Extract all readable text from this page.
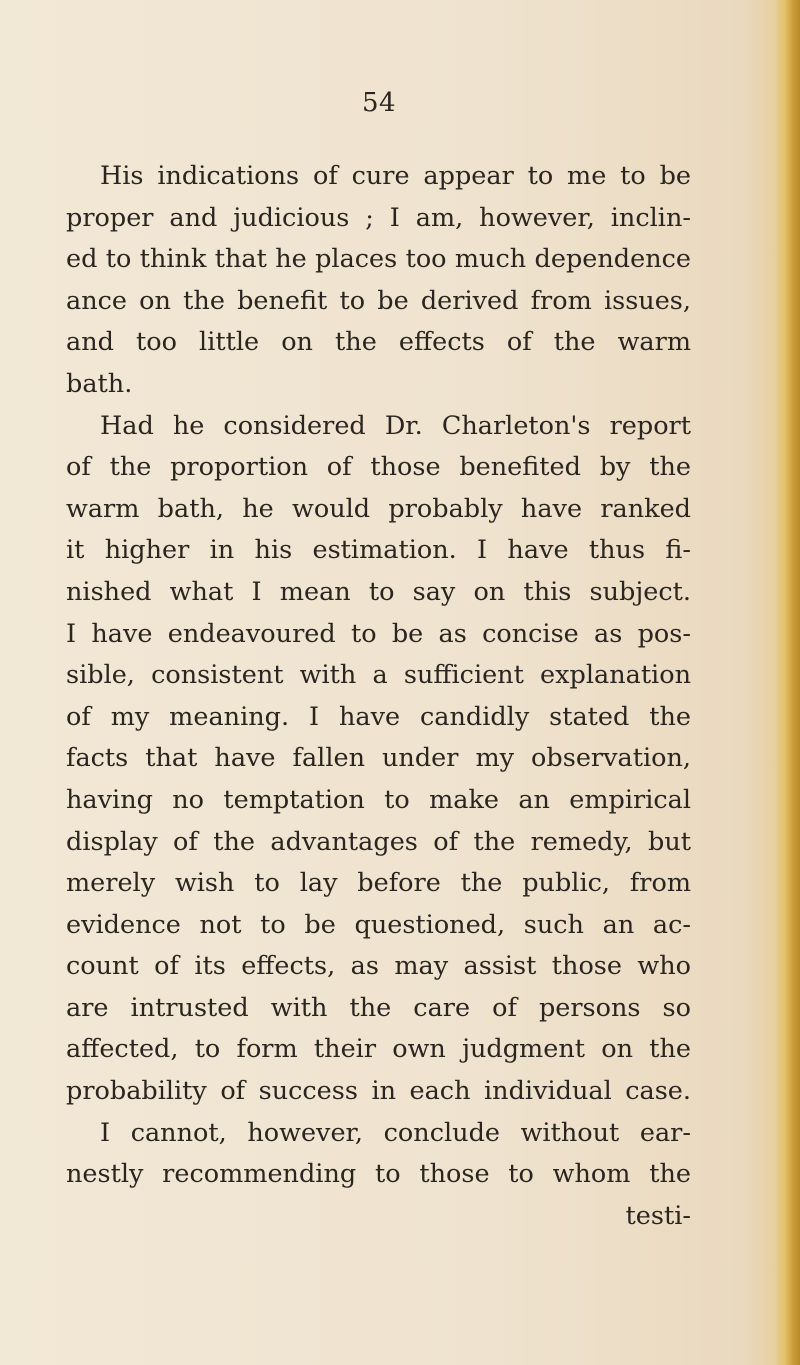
54
His indications of cure appear to me to be
proper and judicious ; I am, however, inclin-
ed to think that he places too much dependence
ance on the benefit to be derived from issues,
and too little on the effects of the warm
bath.
Had he considered Dr. Charleton's report
of the proportion of those benefited by the
warm bath, he would probably have ranked
it higher in his estimation. I have thus fi-
nished what I mean to say on this subject.
I have endeavoured to be as concise as pos-
sible, consistent with a sufficient explanation
of my meaning. I have candidly stated the
facts that have fallen under my observation,
having no temptation to make an empirical
display of the advantages of the remedy, but
merely wish to lay before the public, from
evidence not to be questioned, such an ac-
count of its effects, as may assist those who
are intrusted with the care of persons so
affected, to form their own judgment on the
probability of success in each individual case.
I cannot, however, conclude without ear-
nestly recommending to those to whom the
testi-
